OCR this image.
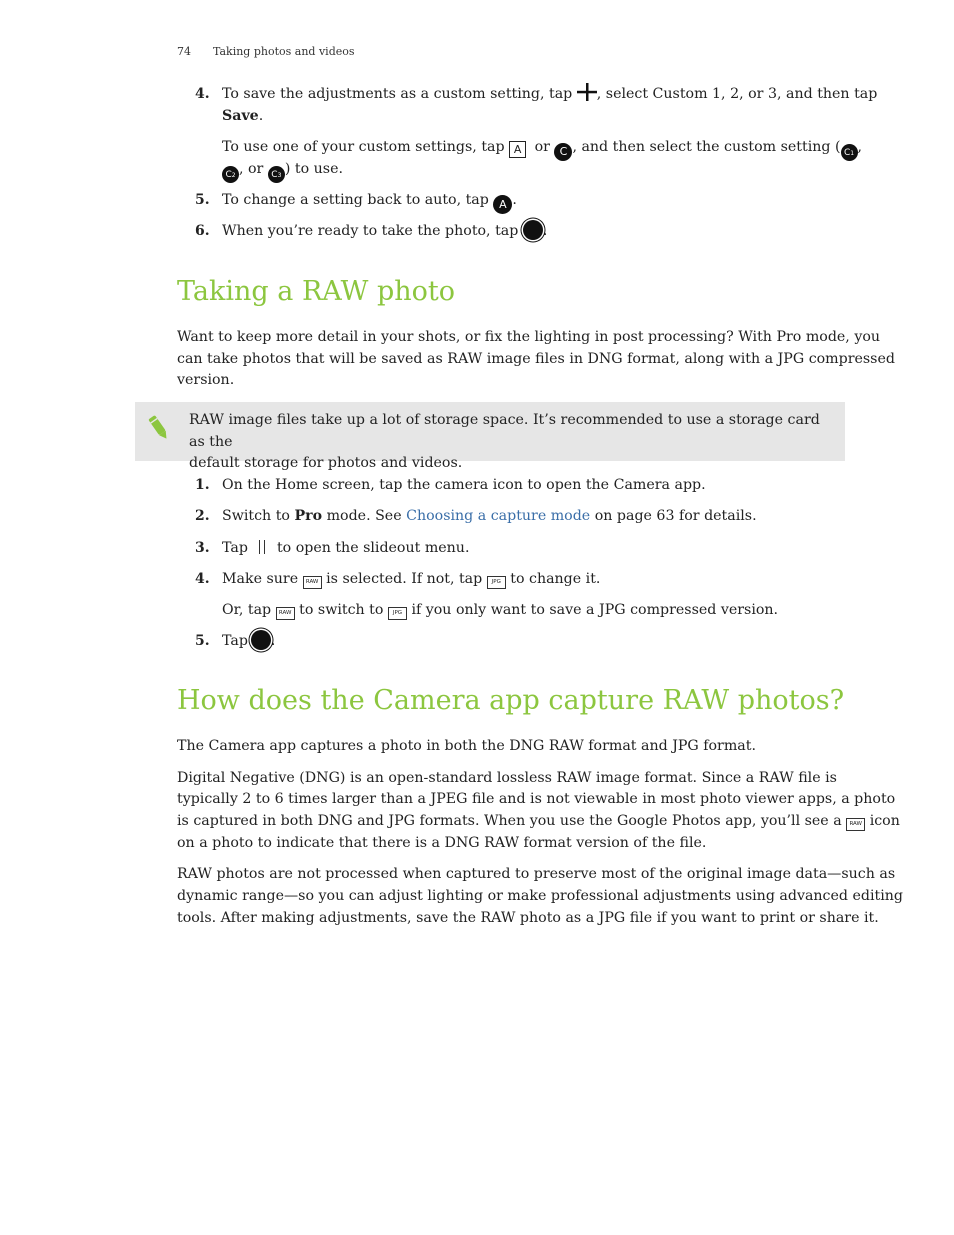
74 Taking photos and videos
4. To save the adjustments as a custom setting, tap , select Custom 1, 2, or 3, and then tap
Save.
To use one of your custom settings, tap A or C , and then select the custom setting ( C1 ,
C2 , or C3 ) to use.
5. To change a setting back to auto, tap A .
6. When you’re ready to take the photo, tap .
Taking a RAW photo
Want to keep more detail in your shots, or fix the lighting in post processing? With Pro mode, you
can take photos that will be saved as RAW image files in DNG format, along with a JPG compressed
version.
RAW image files take up a lot of storage space. It’s recommended to use a storage card as the
default storage for photos and videos.
1. On the Home screen, tap the camera icon to open the Camera app.
2. Switch to Pro mode. See Choosing a capture mode on page 63 for details.
3. Tap to open the slideout menu.
4. Make sure RAW is selected. If not, tap JPG to change it.
Or, tap RAW to switch to JPG if you only want to save a JPG compressed version.
5. Tap .
How does the Camera app capture RAW photos?
The Camera app captures a photo in both the DNG RAW format and JPG format.
Digital Negative (DNG) is an open-standard lossless RAW image format. Since a RAW file is
typically 2 to 6 times larger than a JPEG file and is not viewable in most photo viewer apps, a photo
is captured in both DNG and JPG formats. When you use the Google Photos app, you’ll see a RAW icon
on a photo to indicate that there is a DNG RAW format version of the file.
RAW photos are not processed when captured to preserve most of the original image data—such as
dynamic range—so you can adjust lighting or make professional adjustments using advanced editing
tools. After making adjustments, save the RAW photo as a JPG file if you want to print or share it.
